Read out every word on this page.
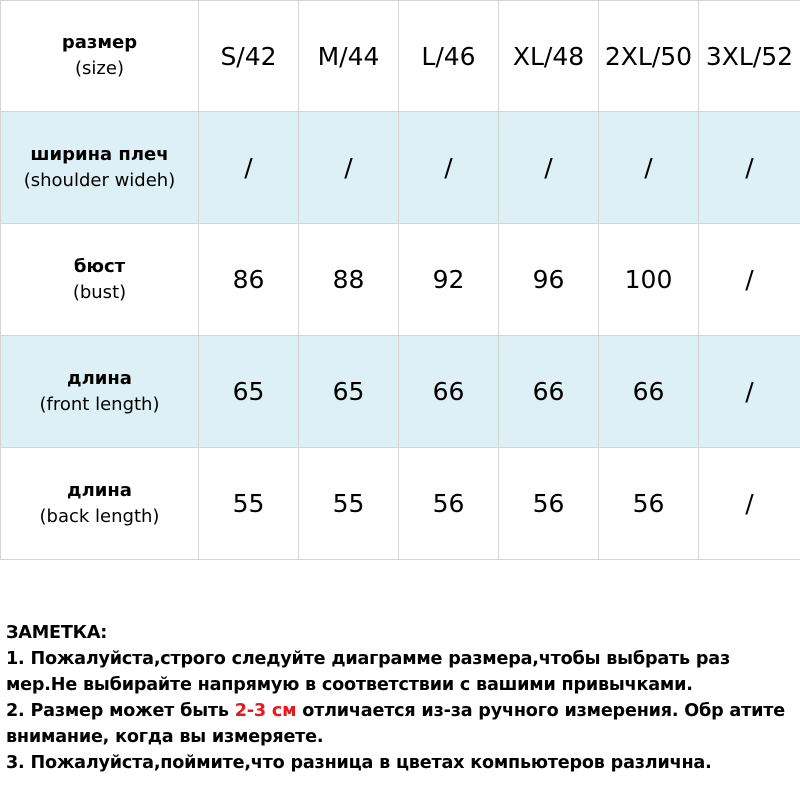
размер
(size)	S/42	M/44	L/46	XL/48	2XL/50	3XL/52

ширина плеч
(shoulder wideh)	/	/	/	/	/	/

бюст
(bust)	86	88	92	96	100	/

длина
(front length)	65	65	66	66	66	/

длина
(back length)	55	55	56	56	56	/

ЗАМЕТКА:

1. Пожалуйста,строго следуйте диаграмме размера,чтобы выбрать раз мер.Не выбирайте напрямую в соответствии с вашими привычками.

2. Размер может быть 2-3 см отличается из-за ручного измерения. Обр атите внимание, когда вы измеряете.

3. Пожалуйста,поймите,что разница в цветах компьютеров различна.
